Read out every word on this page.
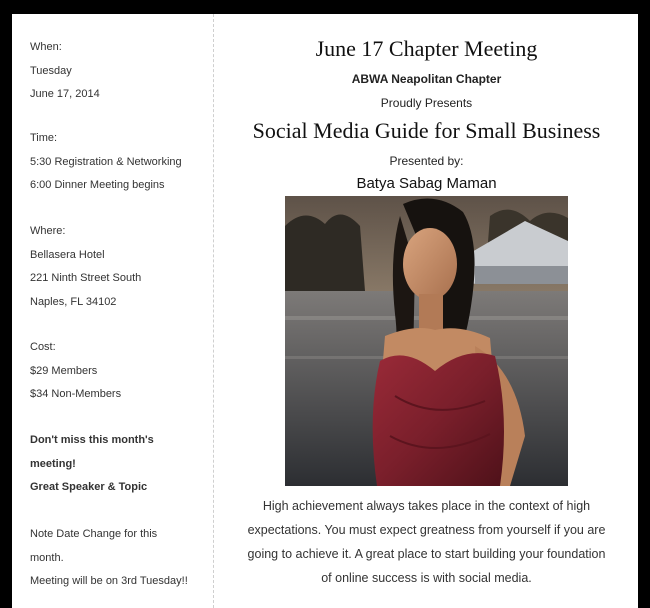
When:
Tuesday
June 17, 2014
Time:
5:30 Registration & Networking
6:00 Dinner Meeting begins
Where:
Bellasera Hotel
221 Ninth Street South
Naples, FL 34102
Cost:
$29 Members
$34 Non-Members
Don't miss this month's
meeting!
Great Speaker & Topic
Note Date Change for this
month.
Meeting will be on 3rd Tuesday!!
June 17 Chapter Meeting
ABWA Neapolitan Chapter
Proudly Presents
Social Media Guide for Small Business
Presented by:
Batya Sabag Maman
High achievement always takes place in the context of high
expectations. You must expect greatness from yourself if you are
going to achieve it. A great place to start building your foundation
of online success is with social media.
